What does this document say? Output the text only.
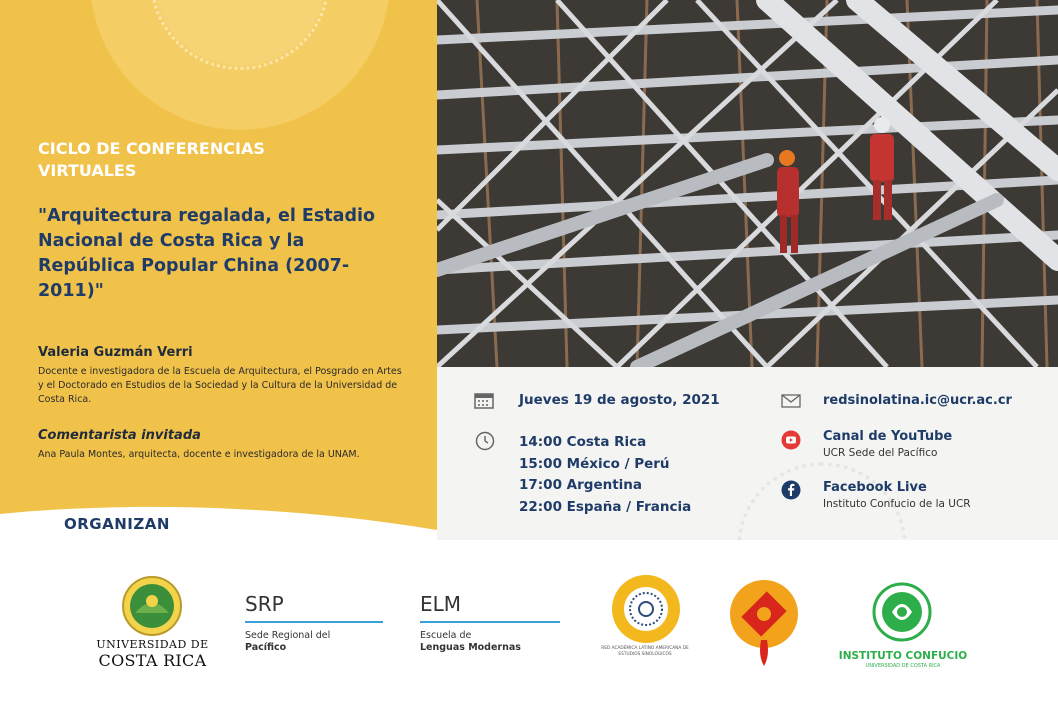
CICLO DE CONFERENCIAS VIRTUALES
"Arquitectura regalada, el Estadio Nacional de Costa Rica y la República Popular China (2007-2011)"
Valeria Guzmán Verri
Docente e investigadora de la Escuela de Arquitectura, el Posgrado en Artes y el Doctorado en Estudios de la Sociedad y la Cultura de la Universidad de Costa Rica.
Comentarista invitada
Ana Paula Montes, arquitecta, docente e investigadora de la UNAM.
ORGANIZAN
Jueves 19 de agosto, 2021
14:00 Costa Rica
15:00 México / Perú
17:00 Argentina
22:00 España / Francia
redsinolatina.ic@ucr.ac.cr
Canal de YouTube
UCR Sede del Pacífico
Facebook Live
Instituto Confucio de la UCR
UNIVERSIDAD DE
COSTA RICA
SRP
Sede Regional del
Pacífico
ELM
Escuela de
Lenguas Modernas	RED ACADÉMICA LATINO AMERICANA DE ESTUDIOS SINOLÓGICOS	INSTITUTO CONFUCIO
UNIVERSIDAD DE COSTA RICA
